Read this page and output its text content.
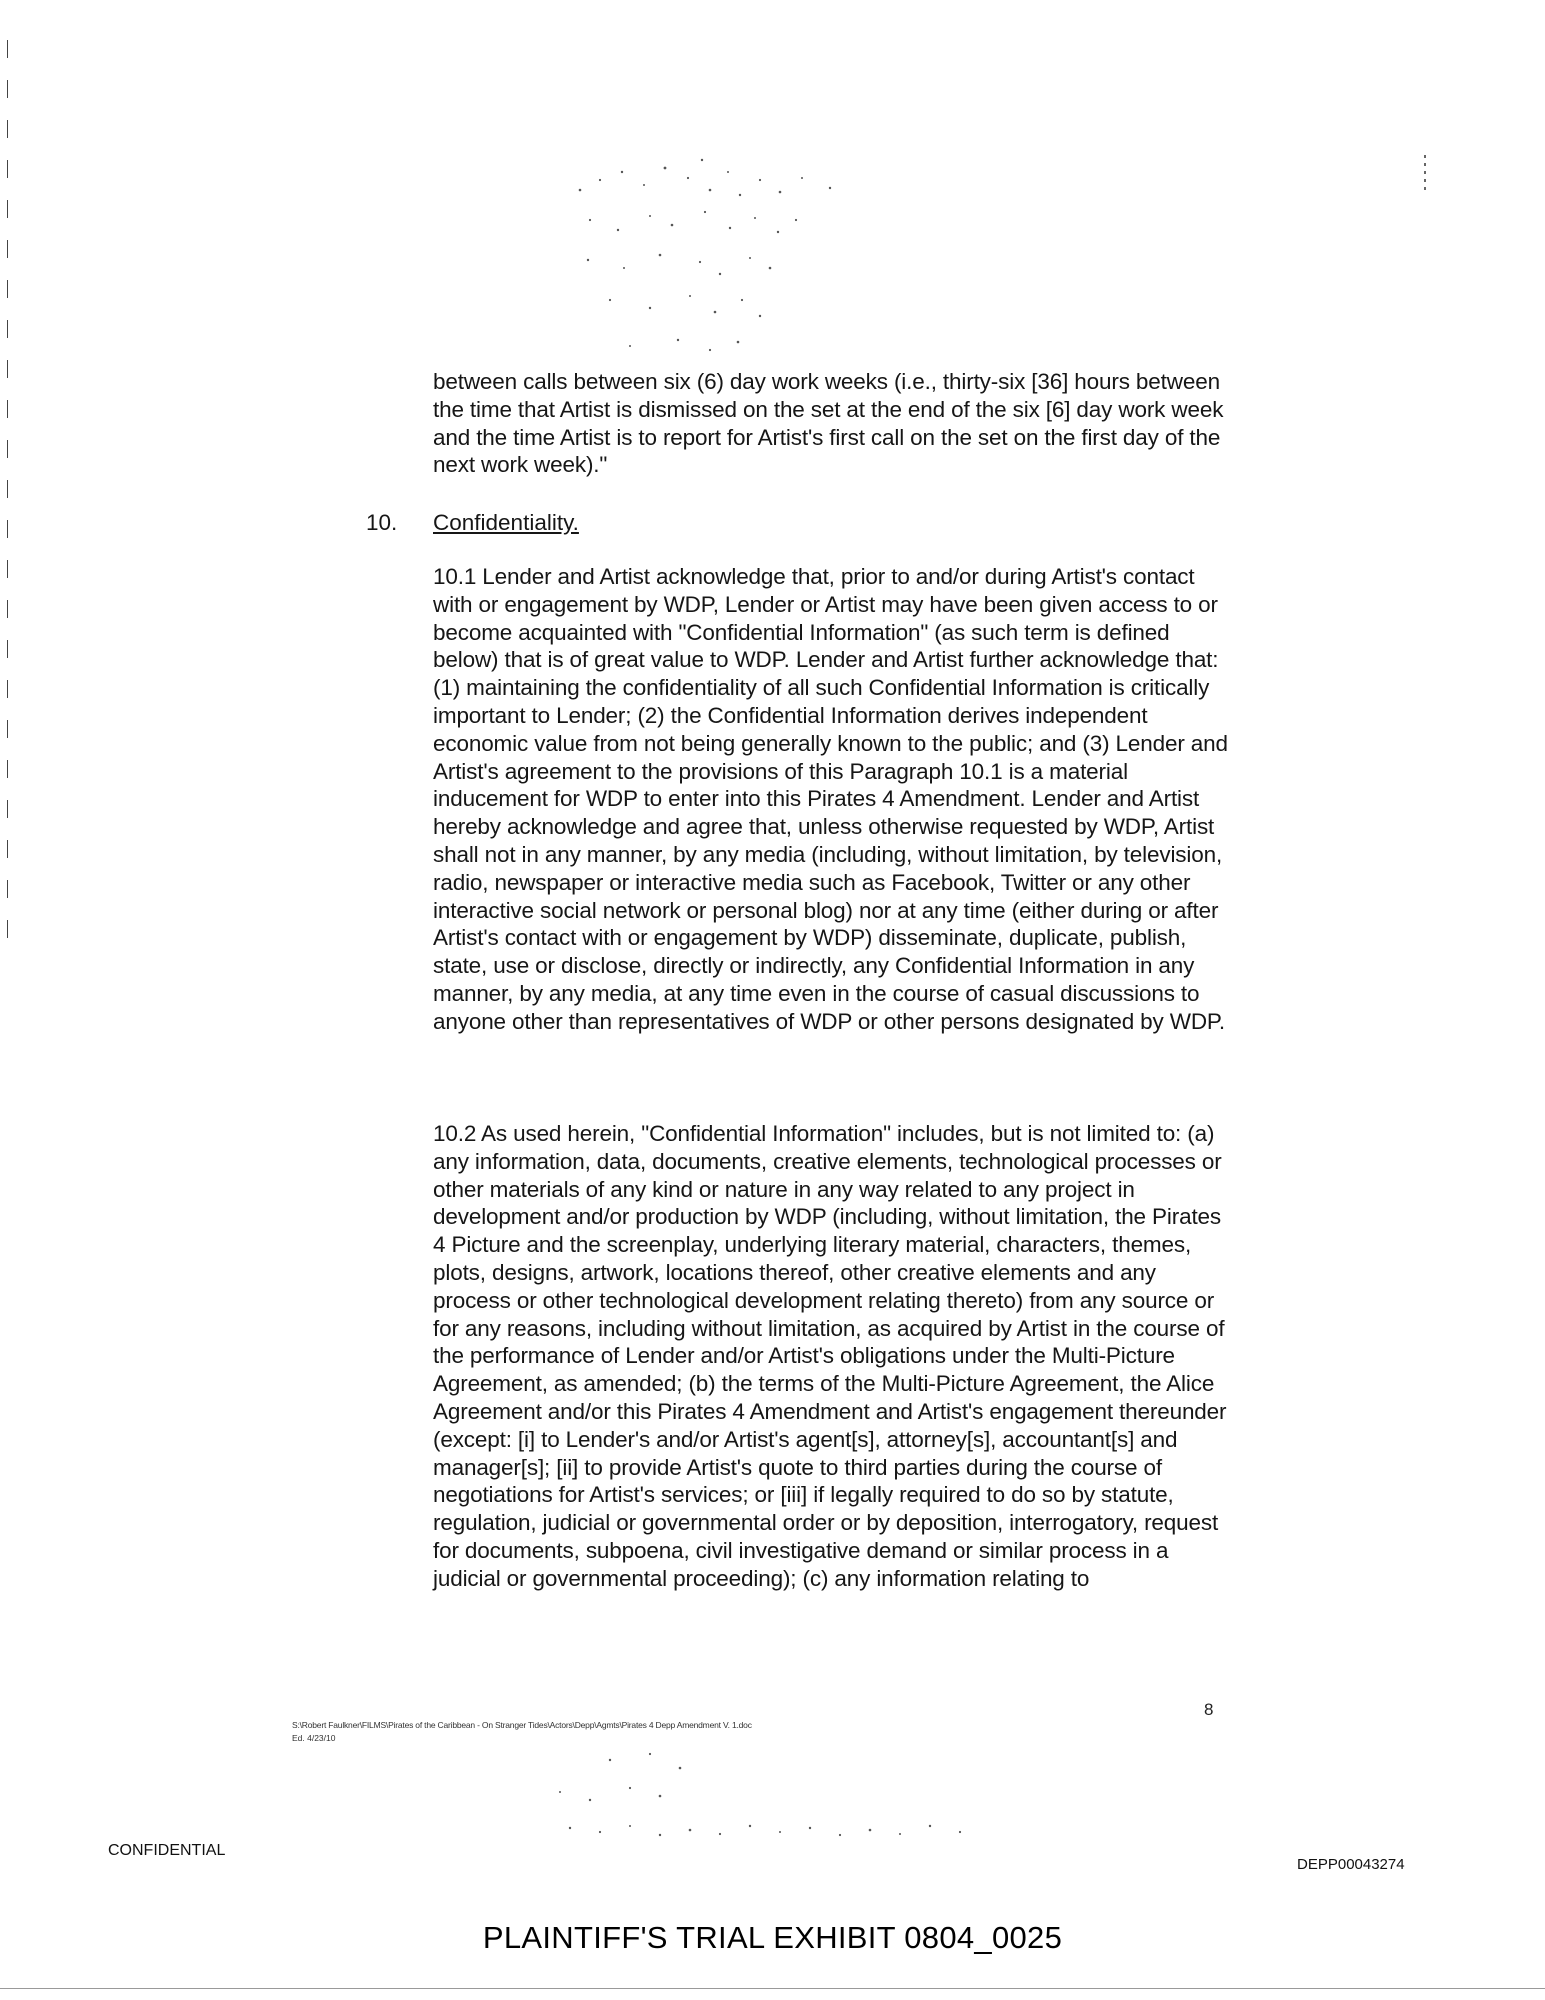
between calls between six (6) day work weeks (i.e., thirty-six [36] hours between the time that Artist is dismissed on the set at the end of the six [6] day work week and the time Artist is to report for Artist's first call on the set on the first day of the next work week)."
10. Confidentiality.
10.1 Lender and Artist acknowledge that, prior to and/or during Artist's contact with or engagement by WDP, Lender or Artist may have been given access to or become acquainted with "Confidential Information" (as such term is defined below) that is of great value to WDP. Lender and Artist further acknowledge that: (1) maintaining the confidentiality of all such Confidential Information is critically important to Lender; (2) the Confidential Information derives independent economic value from not being generally known to the public; and (3) Lender and Artist's agreement to the provisions of this Paragraph 10.1 is a material inducement for WDP to enter into this Pirates 4 Amendment. Lender and Artist hereby acknowledge and agree that, unless otherwise requested by WDP, Artist shall not in any manner, by any media (including, without limitation, by television, radio, newspaper or interactive media such as Facebook, Twitter or any other interactive social network or personal blog) nor at any time (either during or after Artist's contact with or engagement by WDP) disseminate, duplicate, publish, state, use or disclose, directly or indirectly, any Confidential Information in any manner, by any media, at any time even in the course of casual discussions to anyone other than representatives of WDP or other persons designated by WDP.
10.2 As used herein, "Confidential Information" includes, but is not limited to: (a) any information, data, documents, creative elements, technological processes or other materials of any kind or nature in any way related to any project in development and/or production by WDP (including, without limitation, the Pirates 4 Picture and the screenplay, underlying literary material, characters, themes, plots, designs, artwork, locations thereof, other creative elements and any process or other technological development relating thereto) from any source or for any reasons, including without limitation, as acquired by Artist in the course of the performance of Lender and/or Artist's obligations under the Multi-Picture Agreement, as amended; (b) the terms of the Multi-Picture Agreement, the Alice Agreement and/or this Pirates 4 Amendment and Artist's engagement thereunder (except: [i] to Lender's and/or Artist's agent[s], attorney[s], accountant[s] and manager[s]; [ii] to provide Artist's quote to third parties during the course of negotiations for Artist's services; or [iii] if legally required to do so by statute, regulation, judicial or governmental order or by deposition, interrogatory, request for documents, subpoena, civil investigative demand or similar process in a judicial or governmental proceeding); (c) any information relating to
8
S:\Robert Faulkner\FILMS\Pirates of the Caribbean - On Stranger Tides\Actors\Depp\Agmts\Pirates 4 Depp Amendment V. 1.doc
Ed. 4/23/10
CONFIDENTIAL
DEPP00043274
PLAINTIFF'S TRIAL EXHIBIT 0804_0025
